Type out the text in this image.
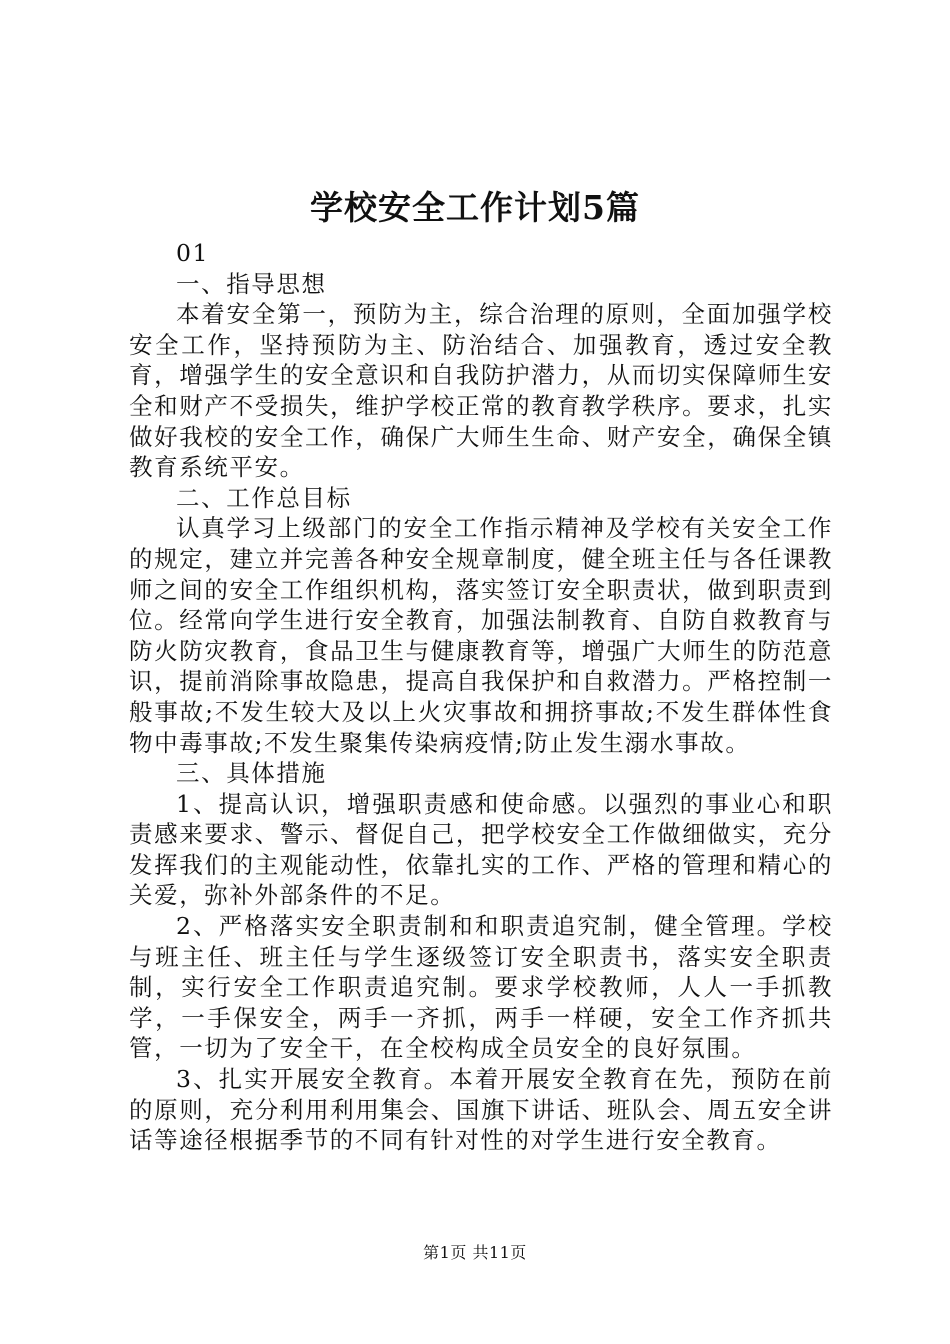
学校安全工作计划5篇

01

一、指导思想

本着安全第一，预防为主，综合治理的原则，全面加强学校安全工作，坚持预防为主、防治结合、加强教育，透过安全教育，增强学生的安全意识和自我防护潜力，从而切实保障师生安全和财产不受损失，维护学校正常的教育教学秩序。要求，扎实做好我校的安全工作，确保广大师生生命、财产安全，确保全镇教育系统平安。

二、工作总目标

认真学习上级部门的安全工作指示精神及学校有关安全工作的规定，建立并完善各种安全规章制度，健全班主任与各任课教师之间的安全工作组织机构，落实签订安全职责状，做到职责到位。经常向学生进行安全教育，加强法制教育、自防自救教育与防火防灾教育，食品卫生与健康教育等，增强广大师生的防范意识，提前消除事故隐患，提高自我保护和自救潜力。严格控制一般事故;不发生较大及以上火灾事故和拥挤事故;不发生群体性食物中毒事故;不发生聚集传染病疫情;防止发生溺水事故。

三、具体措施

1、提高认识，增强职责感和使命感。以强烈的事业心和职责感来要求、警示、督促自己，把学校安全工作做细做实，充分发挥我们的主观能动性，依靠扎实的工作、严格的管理和精心的关爱，弥补外部条件的不足。

2、严格落实安全职责制和和职责追究制，健全管理。学校与班主任、班主任与学生逐级签订安全职责书，落实安全职责制，实行安全工作职责追究制。要求学校教师，人人一手抓教学，一手保安全，两手一齐抓，两手一样硬，安全工作齐抓共管，一切为了安全干，在全校构成全员安全的良好氛围。

3、扎实开展安全教育。本着开展安全教育在先，预防在前的原则，充分利用利用集会、国旗下讲话、班队会、周五安全讲话等途径根据季节的不同有针对性的对学生进行安全教育。

第1页 共11页
